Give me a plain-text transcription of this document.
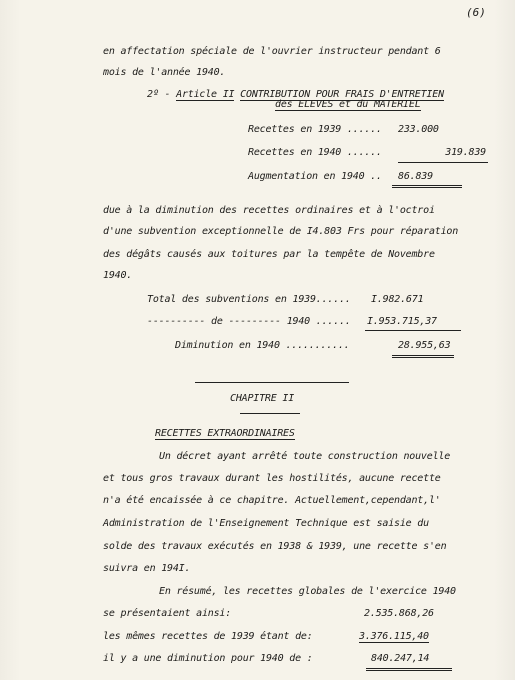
(6)
en affectation spéciale de l'ouvrier instructeur pendant 6
mois de l'année 1940.
2º - Article II CONTRIBUTION POUR FRAIS D'ENTRETIEN
des ELEVES et du MATERIEL
Recettes en 1939 ...... 233.000
Recettes en 1940 ......	319.839
Augmentation en 1940 .. 86.839
due à la diminution des recettes ordinaires et à l'octroi
d'une subvention exceptionnelle de I4.803 Frs pour réparation
des dégâts causés aux toitures par la tempête de Novembre
1940.
Total des subventions en 1939...... I.982.671
---------- de --------- 1940 ...... I.953.715,37
Diminution en 1940 ...........	28.955,63
CHAPITRE II
RECETTES EXTRAORDINAIRES
Un décret ayant arrêté toute construction nouvelle
et tous gros travaux durant les hostilités, aucune recette
n'a été encaissée à ce chapitre. Actuellement,cependant,l'
Administration de l'Enseignement Technique est saisie du
solde des travaux exécutés en 1938 & 1939, une recette s'en
suivra en 194I.
En résumé, les recettes globales de l'exercice 1940
se présentaient ainsi:	2.535.868,26
les mêmes recettes de 1939 étant de:	3.376.115,40
il y a une diminution pour 1940 de :	840.247,14
